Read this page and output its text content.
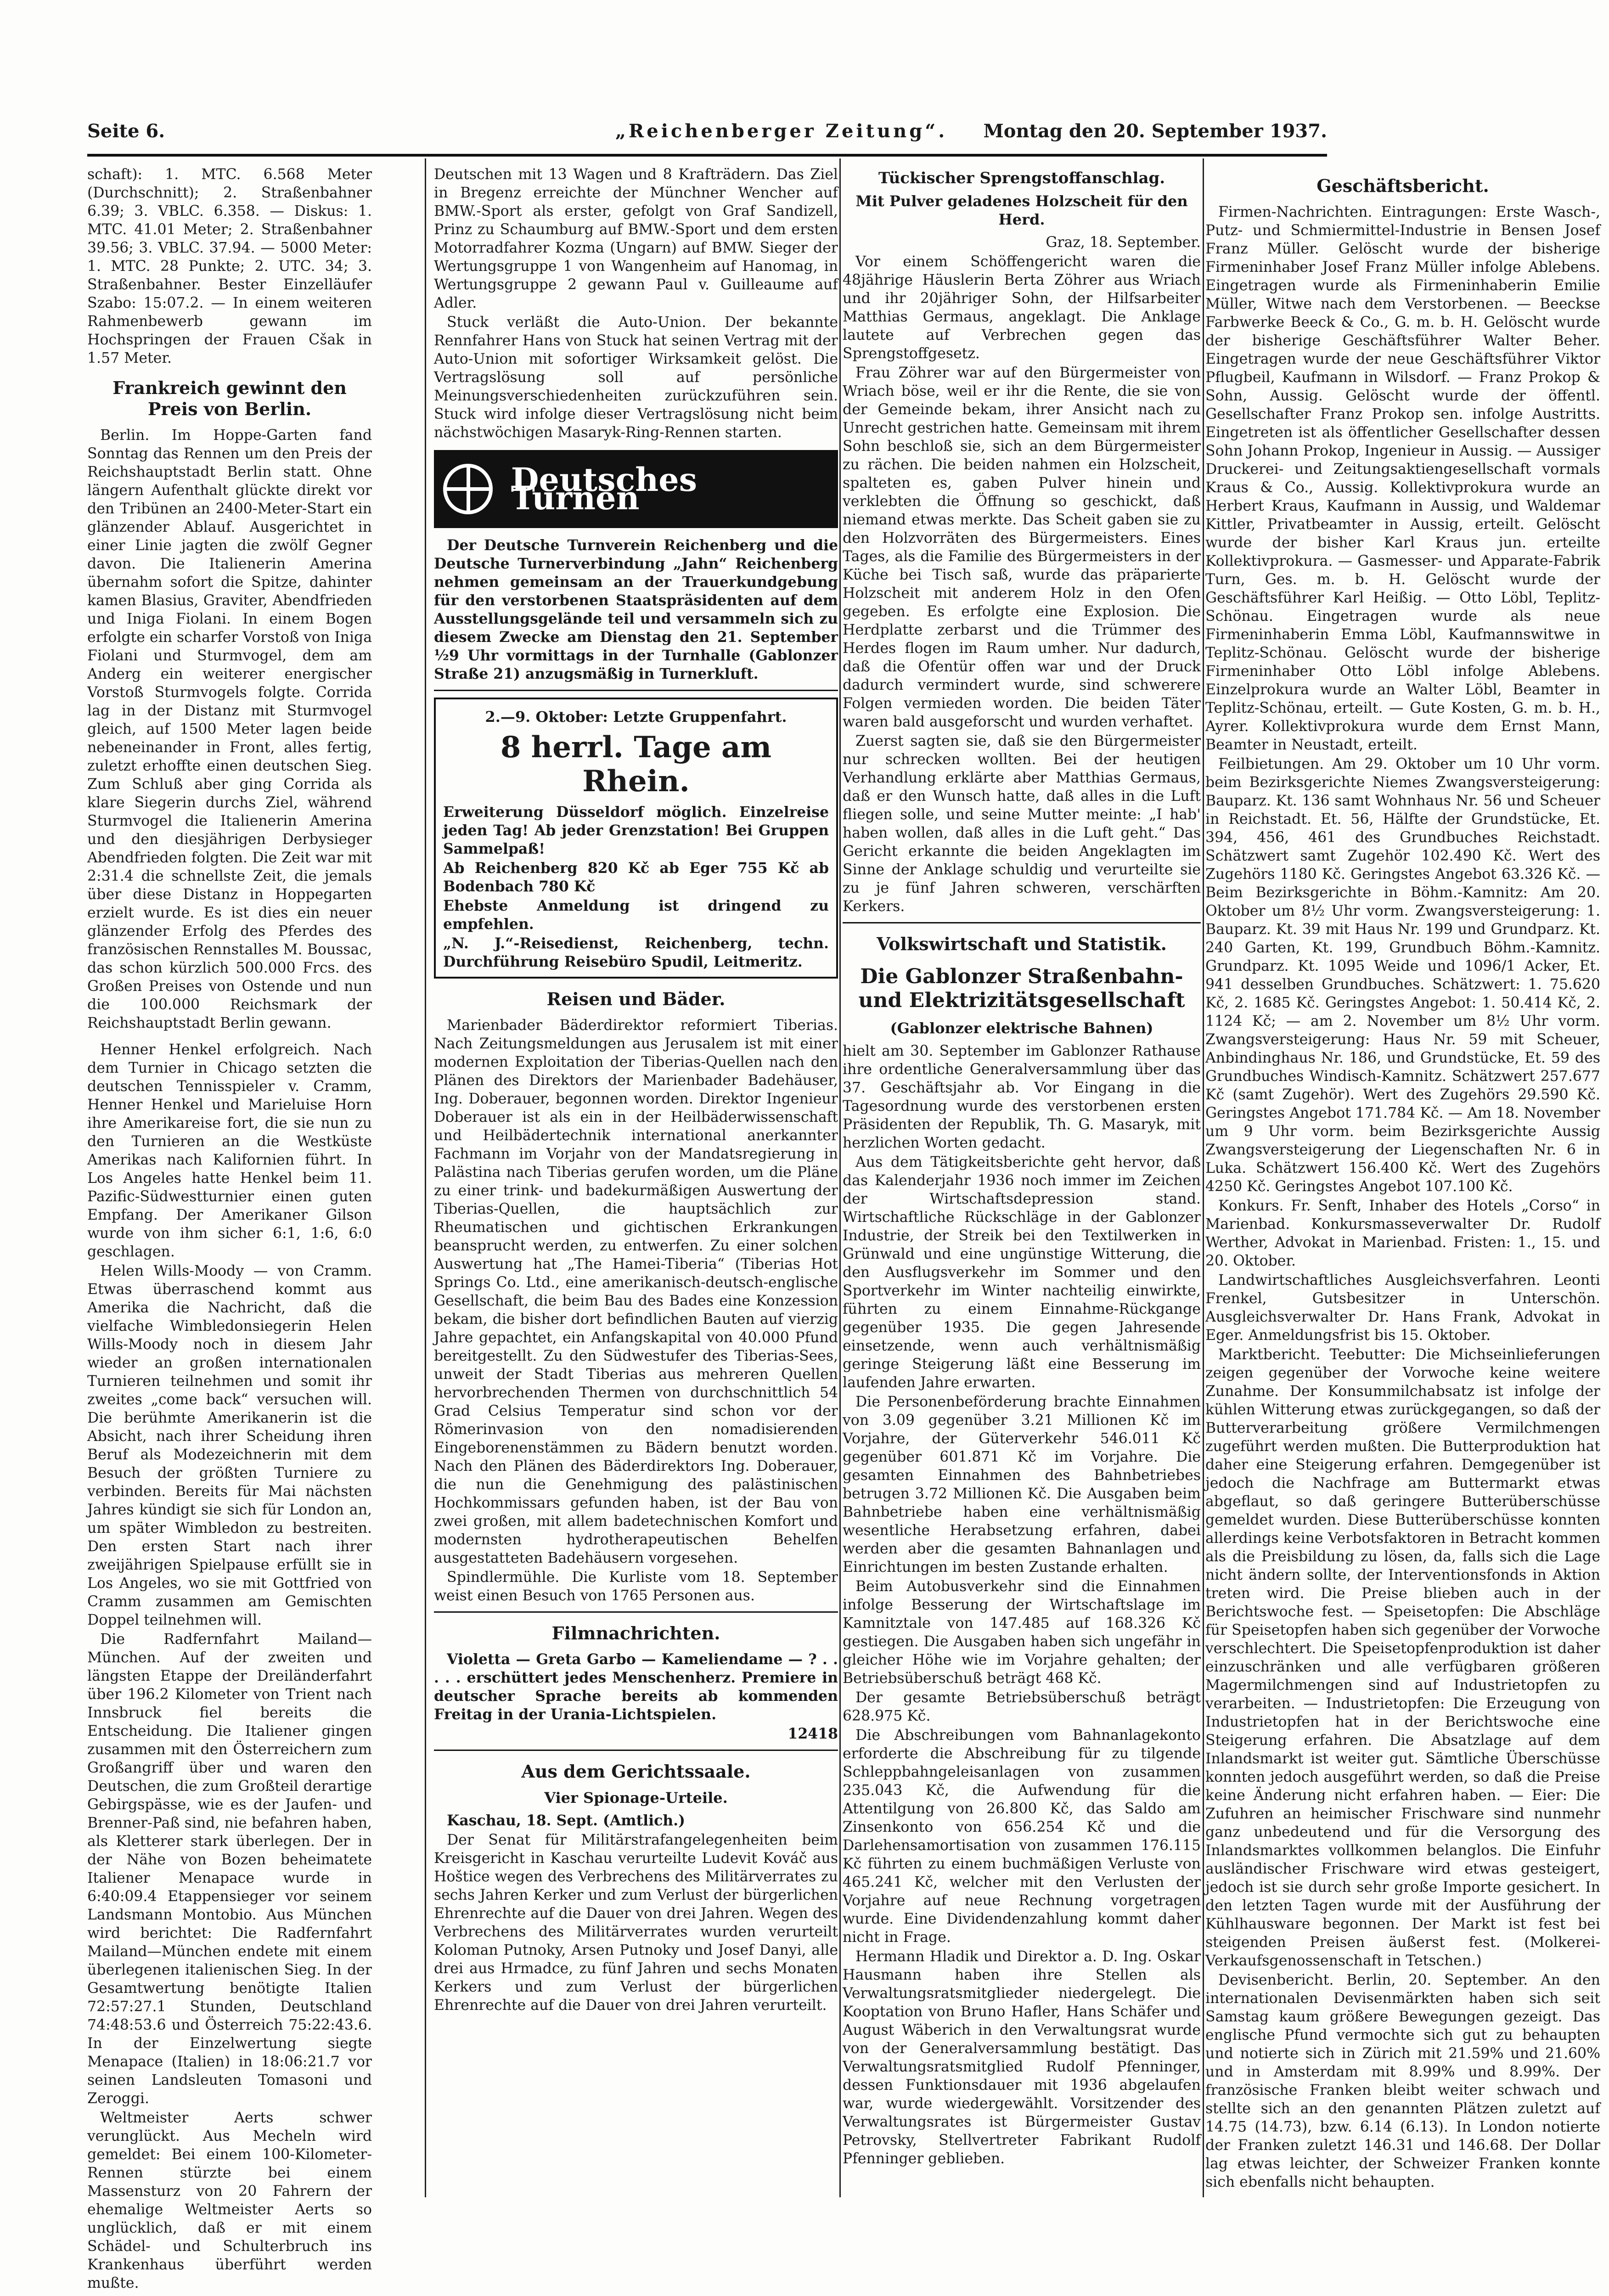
Seite 6.	„Reichenberger Zeitung“. Montag den 20. September 1937.

schaft): 1. MTC. 6.568 Meter (Durchschnitt); 2. Straßenbahner 6.39; 3. VBLC. 6.358. — Diskus: 1. MTC. 41.01 Meter; 2. Straßenbahner 39.56; 3. VBLC. 37.94. — 5000 Meter: 1. MTC. 28 Punkte; 2. UTC. 34; 3. Straßenbahner. Bester Einzelläufer Szabo: 15:07.2. — In einem weiteren Rahmenbewerb gewann im Hochspringen der Frauen Cšak in 1.57 Meter.

Frankreich gewinnt den Preis von Berlin.

Berlin. Im Hoppe-Garten fand Sonntag das Rennen um den Preis der Reichshauptstadt Berlin statt. Ohne längern Aufenthalt glückte direkt vor den Tribünen an 2400-Meter-Start ein glänzender Ablauf. Ausgerichtet in einer Linie jagten die zwölf Gegner davon. Die Italienerin Amerina übernahm sofort die Spitze, dahinter kamen Blasius, Graviter, Abendfrieden und Iniga Fiolani. In einem Bogen erfolgte ein scharfer Vorstoß von Iniga Fiolani und Sturmvogel, dem am Anderg ein weiterer energischer Vorstoß Sturmvogels folgte. Corrida lag in der Distanz mit Sturmvogel gleich, auf 1500 Meter lagen beide nebeneinander in Front, alles fertig, zuletzt erhoffte einen deutschen Sieg. Zum Schluß aber ging Corrida als klare Siegerin durchs Ziel, während Sturmvogel die Italienerin Amerina und den diesjährigen Derbysieger Abendfrieden folgten. Die Zeit war mit 2:31.4 die schnellste Zeit, die jemals über diese Distanz in Hoppegarten erzielt wurde. Es ist dies ein neuer glänzender Erfolg des Pferdes des französischen Rennstalles M. Boussac, das schon kürzlich 500.000 Frcs. des Großen Preises von Ostende und nun die 100.000 Reichsmark der Reichshauptstadt Berlin gewann.

Henner Henkel erfolgreich. Nach dem Turnier in Chicago setzten die deutschen Tennisspieler v. Cramm, Henner Henkel und Marieluise Horn ihre Amerikareise fort, die sie nun zu den Turnieren an die Westküste Amerikas nach Kalifornien führt. In Los Angeles hatte Henkel beim 11. Pazific-Südwestturnier einen guten Empfang. Der Amerikaner Gilson wurde von ihm sicher 6:1, 1:6, 6:0 geschlagen.

Helen Wills-Moody — von Cramm. Etwas überraschend kommt aus Amerika die Nachricht, daß die vielfache Wimbledonsiegerin Helen Wills-Moody noch in diesem Jahr wieder an großen internationalen Turnieren teilnehmen und somit ihr zweites „come back“ versuchen will. Die berühmte Amerikanerin ist die Absicht, nach ihrer Scheidung ihren Beruf als Modezeichnerin mit dem Besuch der größten Turniere zu verbinden. Bereits für Mai nächsten Jahres kündigt sie sich für London an, um später Wimbledon zu bestreiten. Den ersten Start nach ihrer zweijährigen Spielpause erfüllt sie in Los Angeles, wo sie mit Gottfried von Cramm zusammen am Gemischten Doppel teilnehmen will.

Die Radfernfahrt Mailand—München. Auf der zweiten und längsten Etappe der Dreiländerfahrt über 196.2 Kilometer von Trient nach Innsbruck fiel bereits die Entscheidung. Die Italiener gingen zusammen mit den Österreichern zum Großangriff über und waren den Deutschen, die zum Großteil derartige Gebirgspässe, wie es der Jaufen- und Brenner-Paß sind, nie befahren haben, als Kletterer stark überlegen. Der in der Nähe von Bozen beheimatete Italiener Menapace wurde in 6:40:09.4 Etappensieger vor seinem Landsmann Montobio. Aus München wird berichtet: Die Radfernfahrt Mailand—München endete mit einem überlegenen italienischen Sieg. In der Gesamtwertung benötigte Italien 72:57:27.1 Stunden, Deutschland 74:48:53.6 und Österreich 75:22:43.6. In der Einzelwertung siegte Menapace (Italien) in 18:06:21.7 vor seinen Landsleuten Tomasoni und Zeroggi.

Weltmeister Aerts schwer verunglückt. Aus Mecheln wird gemeldet: Bei einem 100-Kilometer-Rennen stürzte bei einem Massensturz von 20 Fahrern der ehemalige Weltmeister Aerts so unglücklich, daß er mit einem Schädel- und Schulterbruch ins Krankenhaus überführt werden mußte.

Deutschen mit 13 Wagen und 8 Krafträdern. Das Ziel in Bregenz erreichte der Münchner Wencher auf BMW.-Sport als erster, gefolgt von Graf Sandizell, Prinz zu Schaumburg auf BMW.-Sport und dem ersten Motorradfahrer Kozma (Ungarn) auf BMW. Sieger der Wertungsgruppe 1 von Wangenheim auf Hanomag, in Wertungsgruppe 2 gewann Paul v. Guilleaume auf Adler.

Stuck verläßt die Auto-Union. Der bekannte Rennfahrer Hans von Stuck hat seinen Vertrag mit der Auto-Union mit sofortiger Wirksamkeit gelöst. Die Vertragslösung soll auf persönliche Meinungsverschiedenheiten zurückzuführen sein. Stuck wird infolge dieser Vertragslösung nicht beim nächstwöchigen Masaryk-Ring-Rennen starten.

Deutsches Turnen

Der Deutsche Turnverein Reichenberg und die Deutsche Turnerverbindung „Jahn“ Reichenberg nehmen gemeinsam an der Trauerkundgebung für den verstorbenen Staatspräsidenten auf dem Ausstellungsgelände teil und versammeln sich zu diesem Zwecke am Dienstag den 21. September ½9 Uhr vormittags in der Turnhalle (Gablonzer Straße 21) anzugsmäßig in Turnerkluft.

2.—9. Oktober: Letzte Gruppenfahrt.
8 herrl. Tage am Rhein.

Erweiterung Düsseldorf möglich. Einzelreise jeden Tag! Ab jeder Grenzstation! Bei Gruppen Sammelpaß!

Ab Reichenberg 820 Kč ab Eger 755 Kč ab Bodenbach 780 Kč

Ehebste Anmeldung ist dringend zu empfehlen.

„N. J.“-Reisedienst, Reichenberg, techn. Durchführung Reisebüro Spudil, Leitmeritz.

Reisen und Bäder.

Marienbader Bäderdirektor reformiert Tiberias. Nach Zeitungsmeldungen aus Jerusalem ist mit einer modernen Exploitation der Tiberias-Quellen nach den Plänen des Direktors der Marienbader Badehäuser, Ing. Doberauer, begonnen worden. Direktor Ingenieur Doberauer ist als ein in der Heilbäderwissenschaft und Heilbädertechnik international anerkannter Fachmann im Vorjahr von der Mandatsregierung in Palästina nach Tiberias gerufen worden, um die Pläne zu einer trink- und badekurmäßigen Auswertung der Tiberias-Quellen, die hauptsächlich zur Rheumatischen und gichtischen Erkrankungen beansprucht werden, zu entwerfen. Zu einer solchen Auswertung hat „The Hamei-Tiberia“ (Tiberias Hot Springs Co. Ltd., eine amerikanisch-deutsch-englische Gesellschaft, die beim Bau des Bades eine Konzession bekam, die bisher dort befindlichen Bauten auf vierzig Jahre gepachtet, ein Anfangskapital von 40.000 Pfund bereitgestellt. Zu den Südwestufer des Tiberias-Sees, unweit der Stadt Tiberias aus mehreren Quellen hervorbrechenden Thermen von durchschnittlich 54 Grad Celsius Temperatur sind schon vor der Römerinvasion von den nomadisierenden Eingeborenenstämmen zu Bädern benutzt worden. Nach den Plänen des Bäderdirektors Ing. Doberauer, die nun die Genehmigung des palästinischen Hochkommissars gefunden haben, ist der Bau von zwei großen, mit allem badetechnischen Komfort und modernsten hydrotherapeutischen Behelfen ausgestatteten Badehäusern vorgesehen.

Spindlermühle. Die Kurliste vom 18. September weist einen Besuch von 1765 Personen aus.

Filmnachrichten.

Violetta — Greta Garbo — Kameliendame — ? . . . . . erschüttert jedes Menschenherz. Premiere in deutscher Sprache bereits ab kommenden Freitag in der Urania-Lichtspielen.

12418
Aus dem Gerichtssaale.
Vier Spionage-Urteile.

Kaschau, 18. Sept. (Amtlich.)

Der Senat für Militärstrafangelegenheiten beim Kreisgericht in Kaschau verurteilte Ludevit Kováč aus Hoštice wegen des Verbrechens des Militärverrates zu sechs Jahren Kerker und zum Verlust der bürgerlichen Ehrenrechte auf die Dauer von drei Jahren. Wegen des Verbrechens des Militärverrates wurden verurteilt Koloman Putnoky, Arsen Putnoky und Josef Danyi, alle drei aus Hrmadce, zu fünf Jahren und sechs Monaten Kerkers und zum Verlust der bürgerlichen Ehrenrechte auf die Dauer von drei Jahren verurteilt.

Tückischer Sprengstoffanschlag.
Mit Pulver geladenes Holzscheit für den Herd.

Graz, 18. September.

Vor einem Schöffengericht waren die 48jährige Häuslerin Berta Zöhrer aus Wriach und ihr 20jähriger Sohn, der Hilfsarbeiter Matthias Germaus, angeklagt. Die Anklage lautete auf Verbrechen gegen das Sprengstoffgesetz.

Frau Zöhrer war auf den Bürgermeister von Wriach böse, weil er ihr die Rente, die sie von der Gemeinde bekam, ihrer Ansicht nach zu Unrecht gestrichen hatte. Gemeinsam mit ihrem Sohn beschloß sie, sich an dem Bürgermeister zu rächen. Die beiden nahmen ein Holzscheit, spalteten es, gaben Pulver hinein und verklebten die Öffnung so geschickt, daß niemand etwas merkte. Das Scheit gaben sie zu den Holzvorräten des Bürgermeisters. Eines Tages, als die Familie des Bürgermeisters in der Küche bei Tisch saß, wurde das präparierte Holzscheit mit anderem Holz in den Ofen gegeben. Es erfolgte eine Explosion. Die Herdplatte zerbarst und die Trümmer des Herdes flogen im Raum umher. Nur dadurch, daß die Ofentür offen war und der Druck dadurch vermindert wurde, sind schwerere Folgen vermieden worden. Die beiden Täter waren bald ausgeforscht und wurden verhaftet.

Zuerst sagten sie, daß sie den Bürgermeister nur schrecken wollten. Bei der heutigen Verhandlung erklärte aber Matthias Germaus, daß er den Wunsch hatte, daß alles in die Luft fliegen solle, und seine Mutter meinte: „I hab' haben wollen, daß alles in die Luft geht.“ Das Gericht erkannte die beiden Angeklagten im Sinne der Anklage schuldig und verurteilte sie zu je fünf Jahren schweren, verschärften Kerkers.

Volkswirtschaft und Statistik.
Die Gablonzer Straßenbahn- und Elektrizitätsgesellschaft
(Gablonzer elektrische Bahnen)

hielt am 30. September im Gablonzer Rathause ihre ordentliche Generalversammlung über das 37. Geschäftsjahr ab. Vor Eingang in die Tagesordnung wurde des verstorbenen ersten Präsidenten der Republik, Th. G. Masaryk, mit herzlichen Worten gedacht.

Aus dem Tätigkeitsberichte geht hervor, daß das Kalenderjahr 1936 noch immer im Zeichen der Wirtschaftsdepression stand. Wirtschaftliche Rückschläge in der Gablonzer Industrie, der Streik bei den Textilwerken in Grünwald und eine ungünstige Witterung, die den Ausflugsverkehr im Sommer und den Sportverkehr im Winter nachteilig einwirkte, führten zu einem Einnahme-Rückgange gegenüber 1935. Die gegen Jahresende einsetzende, wenn auch verhältnismäßig geringe Steigerung läßt eine Besserung im laufenden Jahre erwarten.

Die Personenbeförderung brachte Einnahmen von 3.09 gegenüber 3.21 Millionen Kč im Vorjahre, der Güterverkehr 546.011 Kč gegenüber 601.871 Kč im Vorjahre. Die gesamten Einnahmen des Bahnbetriebes betrugen 3.72 Millionen Kč. Die Ausgaben beim Bahnbetriebe haben eine verhältnismäßig wesentliche Herabsetzung erfahren, dabei werden aber die gesamten Bahnanlagen und Einrichtungen im besten Zustande erhalten.

Beim Autobusverkehr sind die Einnahmen infolge Besserung der Wirtschaftslage im Kamnitztale von 147.485 auf 168.326 Kč gestiegen. Die Ausgaben haben sich ungefähr in gleicher Höhe wie im Vorjahre gehalten; der Betriebsüberschuß beträgt 468 Kč.

Der gesamte Betriebsüberschuß beträgt 628.975 Kč.

Die Abschreibungen vom Bahnanlagekonto erforderte die Abschreibung für zu tilgende Schleppbahngeleisanlagen von zusammen 235.043 Kč, die Aufwendung für die Attentilgung von 26.800 Kč, das Saldo am Zinsenkonto von 656.254 Kč und die Darlehensamortisation von zusammen 176.115 Kč führten zu einem buchmäßigen Verluste von 465.241 Kč, welcher mit den Verlusten der Vorjahre auf neue Rechnung vorgetragen wurde. Eine Dividendenzahlung kommt daher nicht in Frage.

Hermann Hladik und Direktor a. D. Ing. Oskar Hausmann haben ihre Stellen als Verwaltungsratsmitglieder niedergelegt. Die Kooptation von Bruno Hafler, Hans Schäfer und August Wäberich in den Verwaltungsrat wurde von der Generalversammlung bestätigt. Das Verwaltungsratsmitglied Rudolf Pfenninger, dessen Funktionsdauer mit 1936 abgelaufen war, wurde wiedergewählt. Vorsitzender des Verwaltungsrates ist Bürgermeister Gustav Petrovsky, Stellvertreter Fabrikant Rudolf Pfenninger geblieben.

Geschäftsbericht.

Firmen-Nachrichten. Eintragungen: Erste Wasch-, Putz- und Schmiermittel-Industrie in Bensen Josef Franz Müller. Gelöscht wurde der bisherige Firmeninhaber Josef Franz Müller infolge Ablebens. Eingetragen wurde als Firmeninhaberin Emilie Müller, Witwe nach dem Verstorbenen. — Beeckse Farbwerke Beeck & Co., G. m. b. H. Gelöscht wurde der bisherige Geschäftsführer Walter Beher. Eingetragen wurde der neue Geschäftsführer Viktor Pflugbeil, Kaufmann in Wilsdorf. — Franz Prokop & Sohn, Aussig. Gelöscht wurde der öffentl. Gesellschafter Franz Prokop sen. infolge Austritts. Eingetreten ist als öffentlicher Gesellschafter dessen Sohn Johann Prokop, Ingenieur in Aussig. — Aussiger Druckerei- und Zeitungsaktiengesellschaft vormals Kraus & Co., Aussig. Kollektivprokura wurde an Herbert Kraus, Kaufmann in Aussig, und Waldemar Kittler, Privatbeamter in Aussig, erteilt. Gelöscht wurde der bisher Karl Kraus jun. erteilte Kollektivprokura. — Gasmesser- und Apparate-Fabrik Turn, Ges. m. b. H. Gelöscht wurde der Geschäftsführer Karl Heißig. — Otto Löbl, Teplitz-Schönau. Eingetragen wurde als neue Firmeninhaberin Emma Löbl, Kaufmannswitwe in Teplitz-Schönau. Gelöscht wurde der bisherige Firmeninhaber Otto Löbl infolge Ablebens. Einzelprokura wurde an Walter Löbl, Beamter in Teplitz-Schönau, erteilt. — Gute Kosten, G. m. b. H., Ayrer. Kollektivprokura wurde dem Ernst Mann, Beamter in Neustadt, erteilt.

Feilbietungen. Am 29. Oktober um 10 Uhr vorm. beim Bezirksgerichte Niemes Zwangsversteigerung: Bauparz. Kt. 136 samt Wohnhaus Nr. 56 und Scheuer in Reichstadt. Et. 56, Hälfte der Grundstücke, Et. 394, 456, 461 des Grundbuches Reichstadt. Schätzwert samt Zugehör 102.490 Kč. Wert des Zugehörs 1180 Kč. Geringstes Angebot 63.326 Kč. — Beim Bezirksgerichte in Böhm.-Kamnitz: Am 20. Oktober um 8½ Uhr vorm. Zwangsversteigerung: 1. Bauparz. Kt. 39 mit Haus Nr. 199 und Grundparz. Kt. 240 Garten, Kt. 199, Grundbuch Böhm.-Kamnitz. Grundparz. Kt. 1095 Weide und 1096/1 Acker, Et. 941 desselben Grundbuches. Schätzwert: 1. 75.620 Kč, 2. 1685 Kč. Geringstes Angebot: 1. 50.414 Kč, 2. 1124 Kč; — am 2. November um 8½ Uhr vorm. Zwangsversteigerung: Haus Nr. 59 mit Scheuer, Anbindinghaus Nr. 186, und Grundstücke, Et. 59 des Grundbuches Windisch-Kamnitz. Schätzwert 257.677 Kč (samt Zugehör). Wert des Zugehörs 29.590 Kč. Geringstes Angebot 171.784 Kč. — Am 18. November um 9 Uhr vorm. beim Bezirksgerichte Aussig Zwangsversteigerung der Liegenschaften Nr. 6 in Luka. Schätzwert 156.400 Kč. Wert des Zugehörs 4250 Kč. Geringstes Angebot 107.100 Kč.

Konkurs. Fr. Senft, Inhaber des Hotels „Corso“ in Marienbad. Konkursmasseverwalter Dr. Rudolf Werther, Advokat in Marienbad. Fristen: 1., 15. und 20. Oktober.

Landwirtschaftliches Ausgleichsverfahren. Leonti Frenkel, Gutsbesitzer in Unterschön. Ausgleichsverwalter Dr. Hans Frank, Advokat in Eger. Anmeldungsfrist bis 15. Oktober.

Marktbericht. Teebutter: Die Michseinlieferungen zeigen gegenüber der Vorwoche keine weitere Zunahme. Der Konsummilchabsatz ist infolge der kühlen Witterung etwas zurückgegangen, so daß der Butterverarbeitung größere Vermilchmengen zugeführt werden mußten. Die Butterproduktion hat daher eine Steigerung erfahren. Demgegenüber ist jedoch die Nachfrage am Buttermarkt etwas abgeflaut, so daß geringere Butterüberschüsse gemeldet wurden. Diese Butterüberschüsse konnten allerdings keine Verbotsfaktoren in Betracht kommen als die Preisbildung zu lösen, da, falls sich die Lage nicht ändern sollte, der Interventionsfonds in Aktion treten wird. Die Preise blieben auch in der Berichtswoche fest. — Speisetopfen: Die Abschläge für Speisetopfen haben sich gegenüber der Vorwoche verschlechtert. Die Speisetopfenproduktion ist daher einzuschränken und alle verfügbaren größeren Magermilchmengen sind auf Industrietopfen zu verarbeiten. — Industrietopfen: Die Erzeugung von Industrietopfen hat in der Berichtswoche eine Steigerung erfahren. Die Absatzlage auf dem Inlandsmarkt ist weiter gut. Sämtliche Überschüsse konnten jedoch ausgeführt werden, so daß die Preise keine Änderung nicht erfahren haben. — Eier: Die Zufuhren an heimischer Frischware sind nunmehr ganz unbedeutend und für die Versorgung des Inlandsmarktes vollkommen belanglos. Die Einfuhr ausländischer Frischware wird etwas gesteigert, jedoch ist sie durch sehr große Importe gesichert. In den letzten Tagen wurde mit der Ausführung der Kühlhausware begonnen. Der Markt ist fest bei steigenden Preisen äußerst fest. (Molkerei-Verkaufsgenossenschaft in Tetschen.)

Devisenbericht. Berlin, 20. September. An den internationalen Devisenmärkten haben sich seit Samstag kaum größere Bewegungen gezeigt. Das englische Pfund vermochte sich gut zu behaupten und notierte sich in Zürich mit 21.59% und 21.60% und in Amsterdam mit 8.99% und 8.99%. Der französische Franken bleibt weiter schwach und stellte sich an den genannten Plätzen zuletzt auf 14.75 (14.73), bzw. 6.14 (6.13). In London notierte der Franken zuletzt 146.31 und 146.68. Der Dollar lag etwas leichter, der Schweizer Franken konnte sich ebenfalls nicht behaupten.
